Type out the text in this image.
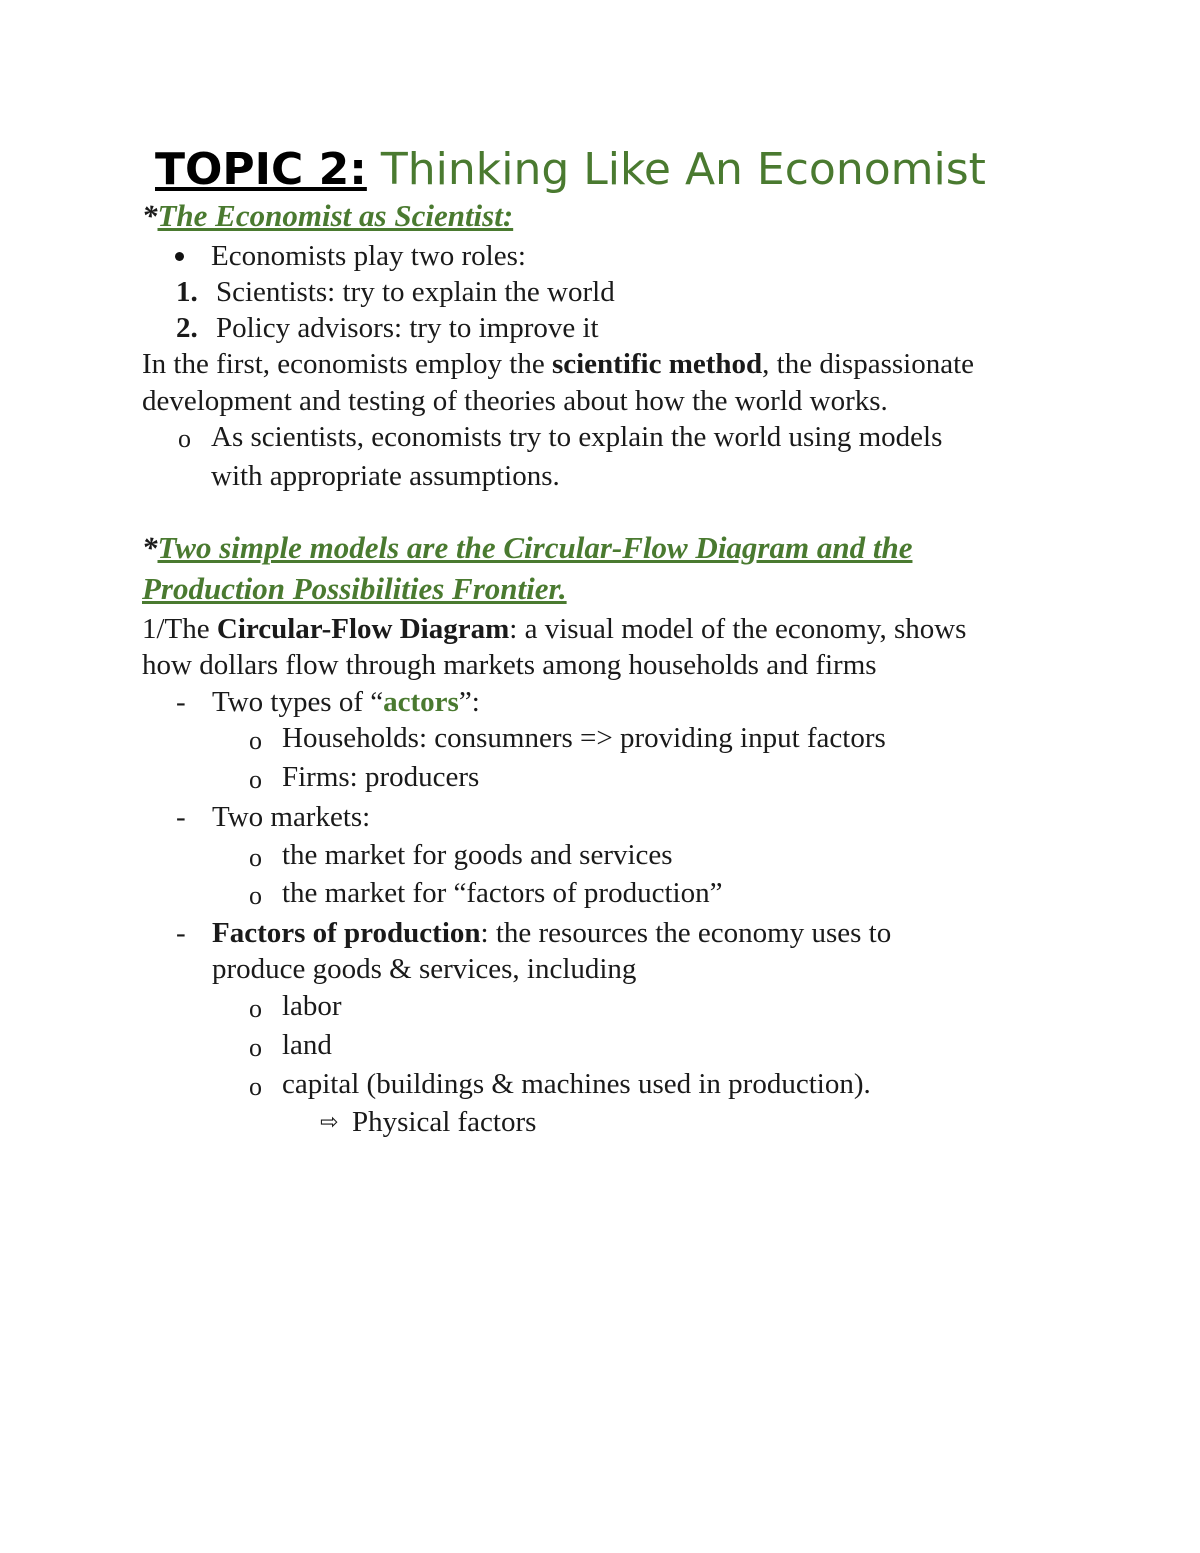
TOPIC 2: Thinking Like An Economist
*The Economist as Scientist:
Economists play two roles:
1. Scientists: try to explain the world
2. Policy advisors: try to improve it
In the first, economists employ the scientific method, the dispassionate
development and testing of theories about how the world works.
o As scientists, economists try to explain the world using models
with appropriate assumptions.
*Two simple models are the Circular-Flow Diagram and the
Production Possibilities Frontier.
1/The Circular-Flow Diagram: a visual model of the economy, shows
how dollars flow through markets among households and firms
- Two types of “actors”:
o Households: consumners => providing input factors
o Firms: producers
- Two markets:
o the market for goods and services
o the market for “factors of production”
- Factors of production: the resources the economy uses to
produce goods & services, including
o labor
o land
o capital (buildings & machines used in production).
⇨ Physical factors
